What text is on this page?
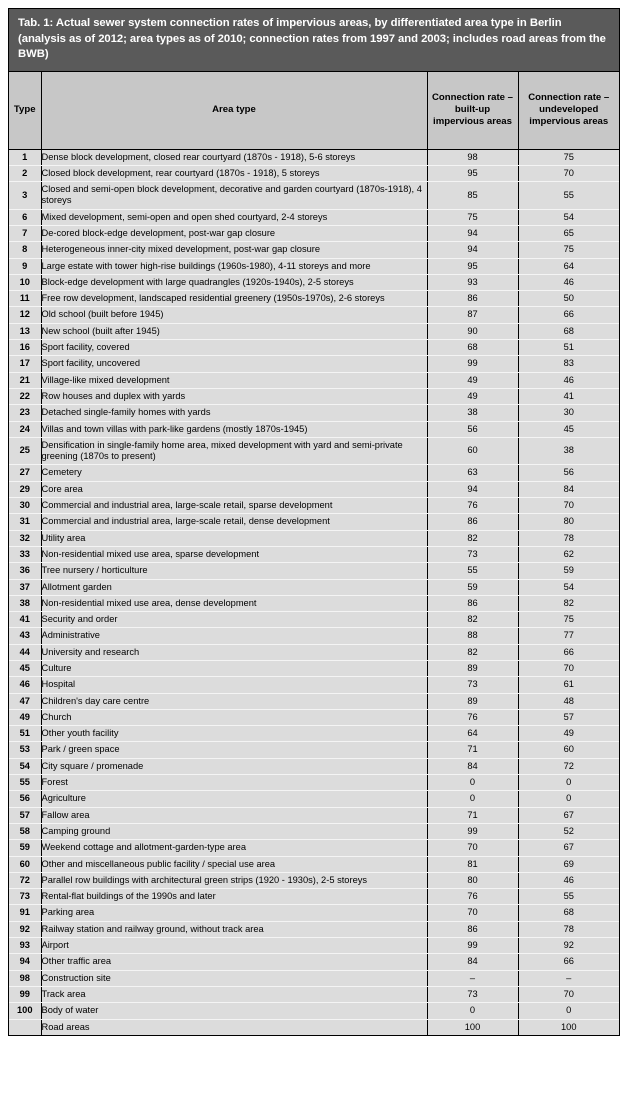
Tab. 1: Actual sewer system connection rates of impervious areas, by differentiated area type in Berlin (analysis as of 2012; area types as of 2010; connection rates from 1997 and 2003; includes road areas from the BWB)
Type	Area type	Connection rate – built-up impervious areas	Connection rate – undeveloped impervious areas
1	Dense block development, closed rear courtyard (1870s - 1918), 5-6 storeys	98	75
2	Closed block development, rear courtyard (1870s - 1918), 5 storeys	95	70
3	Closed and semi-open block development, decorative and garden courtyard (1870s-1918), 4 storeys	85	55
6	Mixed development, semi-open and open shed courtyard, 2-4 storeys	75	54
7	De-cored block-edge development, post-war gap closure	94	65
8	Heterogeneous inner-city mixed development, post-war gap closure	94	75
9	Large estate with tower high-rise buildings (1960s-1980), 4-11 storeys and more	95	64
10	Block-edge development with large quadrangles (1920s-1940s), 2-5 storeys	93	46
11	Free row development, landscaped residential greenery (1950s-1970s), 2-6 storeys	86	50
12	Old school (built before 1945)	87	66
13	New school (built after 1945)	90	68
16	Sport facility, covered	68	51
17	Sport facility, uncovered	99	83
21	Village-like mixed development	49	46
22	Row houses and duplex with yards	49	41
23	Detached single-family homes with yards	38	30
24	Villas and town villas with park-like gardens (mostly 1870s-1945)	56	45
25	Densification in single-family home area, mixed development with yard and semi-private greening (1870s to present)	60	38
27	Cemetery	63	56
29	Core area	94	84
30	Commercial and industrial area, large-scale retail, sparse development	76	70
31	Commercial and industrial area, large-scale retail, dense development	86	80
32	Utility area	82	78
33	Non-residential mixed use area, sparse development	73	62
36	Tree nursery / horticulture	55	59
37	Allotment garden	59	54
38	Non-residential mixed use area, dense development	86	82
41	Security and order	82	75
43	Administrative	88	77
44	University and research	82	66
45	Culture	89	70
46	Hospital	73	61
47	Children's day care centre	89	48
49	Church	76	57
51	Other youth facility	64	49
53	Park / green space	71	60
54	City square / promenade	84	72
55	Forest	0	0
56	Agriculture	0	0
57	Fallow area	71	67
58	Camping ground	99	52
59	Weekend cottage and allotment-garden-type area	70	67
60	Other and miscellaneous public facility / special use area	81	69
72	Parallel row buildings with architectural green strips (1920 - 1930s), 2-5 storeys	80	46
73	Rental-flat buildings of the 1990s and later	76	55
91	Parking area	70	68
92	Railway station and railway ground, without track area	86	78
93	Airport	99	92
94	Other traffic area	84	66
98	Construction site	–	–
99	Track area	73	70
100	Body of water	0	0
	Road areas	100	100
